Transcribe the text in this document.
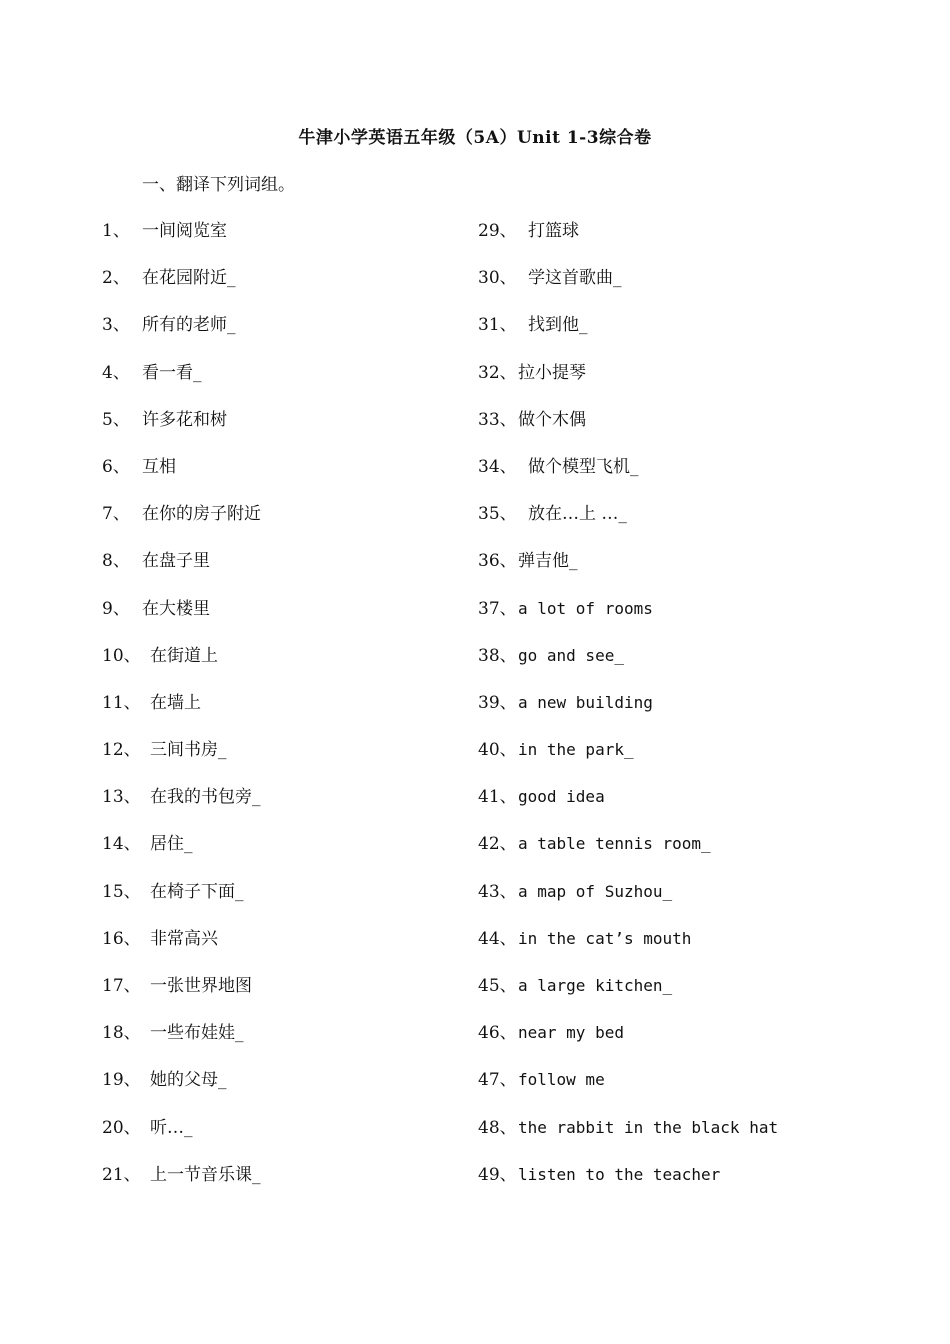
牛津小学英语五年级（5A）Unit 1-3综合卷
一、翻译下列词组。
1、 一间阅览室
2、 在花园附近_
3、 所有的老师_
4、 看一看_
5、 许多花和树
6、 互相
7、 在你的房子附近
8、 在盘子里
9、 在大楼里
10、 在街道上
11、 在墙上
12、 三间书房_
13、 在我的书包旁_
14、 居住_
15、 在椅子下面_
16、 非常高兴
17、 一张世界地图
18、 一些布娃娃_
19、 她的父母_
20、 听…_
21、 上一节音乐课_
29、 打篮球
30、 学这首歌曲_
31、 找到他_
32、拉小提琴
33、做个木偶
34、 做个模型飞机_
35、 放在…上 …_
36、弹吉他_
37、a lot of rooms
38、go and see_
39、a new building
40、in the park_
41、good idea
42、a table tennis room_
43、a map of Suzhou_
44、in the cat’s mouth
45、a large kitchen_
46、near my bed
47、follow me
48、the rabbit in the black hat
49、listen to the teacher
